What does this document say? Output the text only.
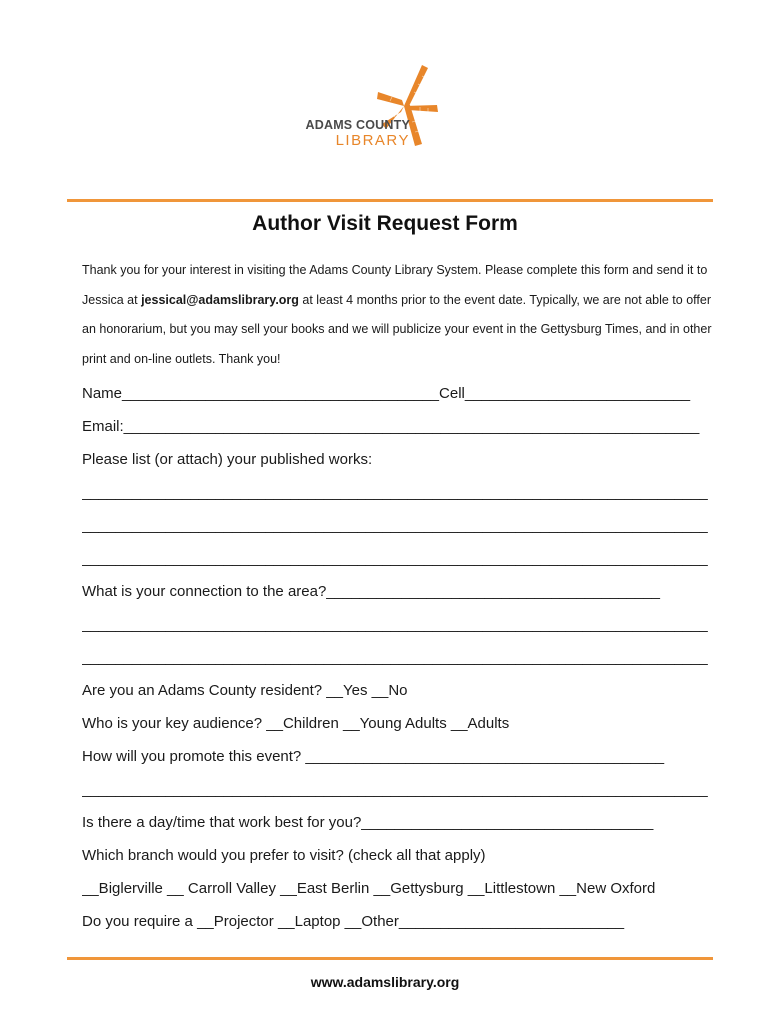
ADAMS COUNTY
LIBRARY
Author Visit Request Form
Thank you for your interest in visiting the Adams County Library System. Please complete this form and send it to Jessica at jessical@adamslibrary.org at least 4 months prior to the event date. Typically, we are not able to offer an honorarium, but you may sell your books and we will publicize your event in the Gettysburg Times, and in other print and on-line outlets. Thank you!
Name______________________________________Cell___________________________
Email:_____________________________________________________________________
Please list (or attach) your published works:
___________________________________________________________________________
___________________________________________________________________________
___________________________________________________________________________
What is your connection to the area?________________________________________
___________________________________________________________________________
___________________________________________________________________________
Are you an Adams County resident? __Yes __No
Who is your key audience? __Children __Young Adults __Adults
How will you promote this event? ___________________________________________
___________________________________________________________________________
Is there a day/time that work best for you?___________________________________
Which branch would you prefer to visit? (check all that apply)
__Biglerville __ Carroll Valley __East Berlin __Gettysburg __Littlestown __New Oxford
Do you require a __Projector __Laptop __Other___________________________
www.adamslibrary.org
